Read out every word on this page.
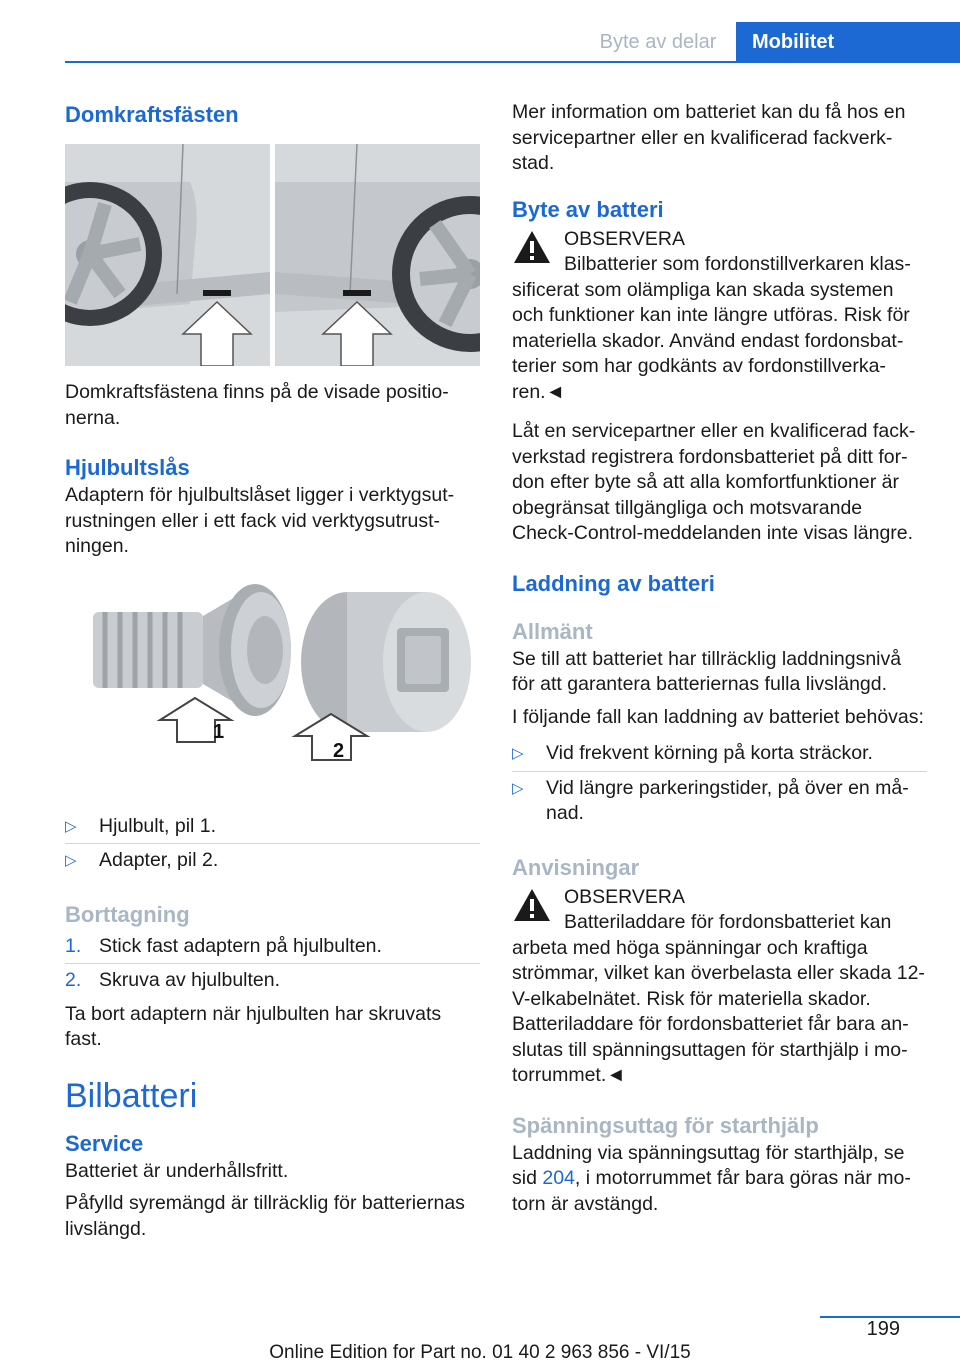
Byte av delar	Mobilitet
Domkraftsfästen

Domkraftsfästena finns på de visade positionerna.

Hjulbultslås

Adaptern för hjulbultslåset ligger i verktygsutrustningen eller i ett fack vid verktygsutrustningen.

1
2
▷ Hjulbult, pil 1.
▷ Adapter, pil 2.
Borttagning
1. Stick fast adaptern på hjulbulten.
2. Skruva av hjulbulten.

Ta bort adaptern när hjulbulten har skruvats fast.

Bilbatteri
Service

Batteriet är underhållsfritt.

Påfylld syremängd är tillräcklig för batteriernas livslängd.

Mer information om batteriet kan du få hos en servicepartner eller en kvalificerad fackverkstad.

Byte av batteri
OBSERVERA

Bilbatterier som fordonstillverkaren klassificerat som olämpliga kan skada systemen och funktioner kan inte längre utföras. Risk för materiella skador. Använd endast fordonsbatterier som har godkänts av fordonstillverkaren.◄

Låt en servicepartner eller en kvalificerad fackverkstad registrera fordonsbatteriet på ditt fordon efter byte så att alla komfortfunktioner är obegränsat tillgängliga och motsvarande Check-Control-meddelanden inte visas längre.

Laddning av batteri
Allmänt

Se till att batteriet har tillräcklig laddningsnivå för att garantera batteriernas fulla livslängd.

I följande fall kan laddning av batteriet behövas:

▷ Vid frekvent körning på korta sträckor.
▷ Vid längre parkeringstider, på över en månad.
Anvisningar
OBSERVERA

Batteriladdare för fordonsbatteriet kan arbeta med höga spänningar och kraftiga strömmar, vilket kan överbelasta eller skada 12-V-elkabelnätet. Risk för materiella skador. Batteriladdare för fordonsbatteriet får bara anslutas till spänningsuttagen för starthjälp i motorrummet.◄

Spänningsuttag för starthjälp

Laddning via spänningsuttag för starthjälp, se sid 204, i motorrummet får bara göras när motorn är avstängd.

199
Online Edition for Part no. 01 40 2 963 856 - VI/15
